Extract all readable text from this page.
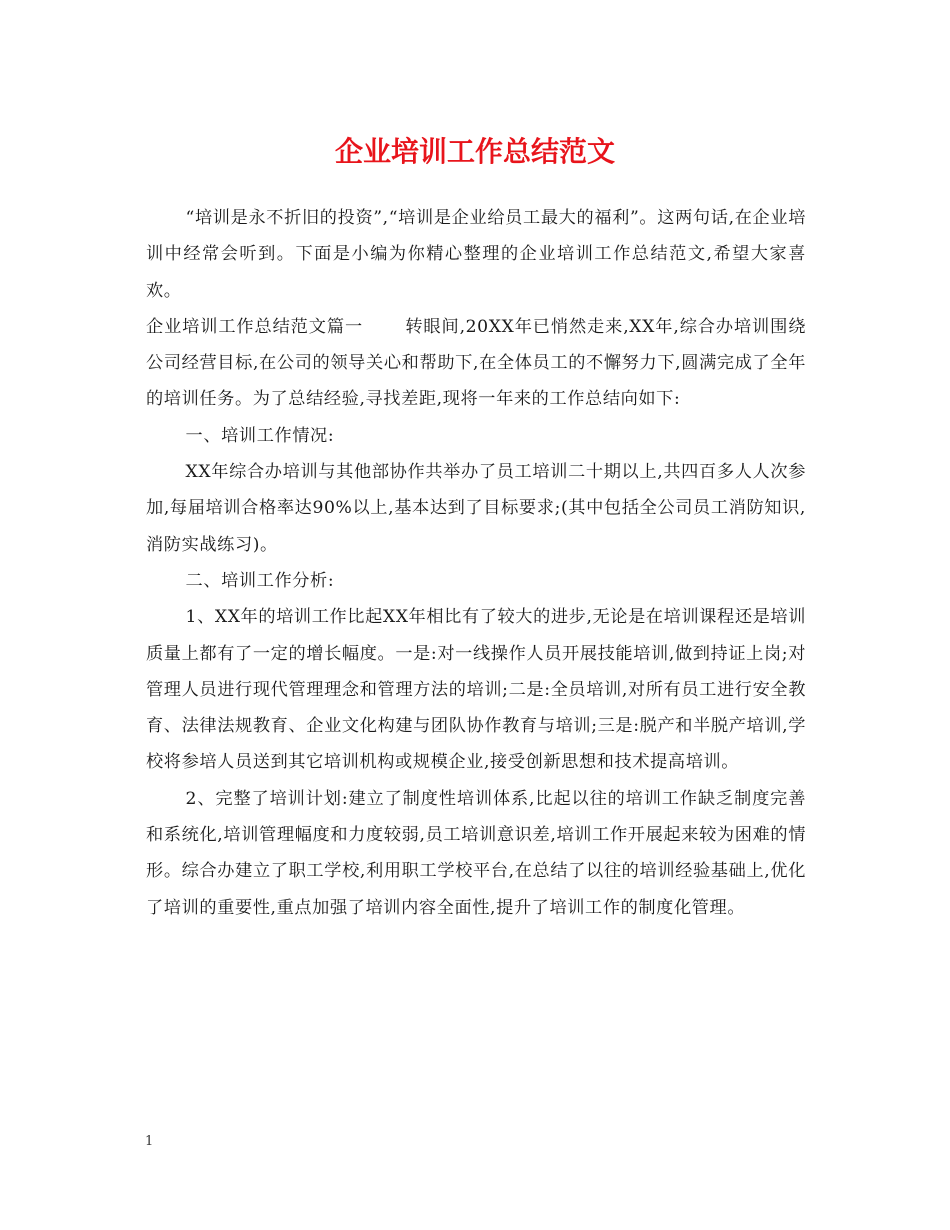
企业培训工作总结范文

“培训是永不折旧的投资”,“培训是企业给员工最大的福利”。这两句话,在企业培训中经常会听到。下面是小编为你精心整理的企业培训工作总结范文,希望大家喜欢。

企业培训工作总结范文篇一 转眼间,20XX年已悄然走来,XX年,综合办培训围绕公司经营目标,在公司的领导关心和帮助下,在全体员工的不懈努力下,圆满完成了全年的培训任务。为了总结经验,寻找差距,现将一年来的工作总结向如下:

一、培训工作情况:

XX年综合办培训与其他部协作共举办了员工培训二十期以上,共四百多人人次参加,每届培训合格率达90%以上,基本达到了目标要求;(其中包括全公司员工消防知识,消防实战练习)。

二、培训工作分析:

1、XX年的培训工作比起XX年相比有了较大的进步,无论是在培训课程还是培训质量上都有了一定的增长幅度。一是:对一线操作人员开展技能培训,做到持证上岗;对管理人员进行现代管理理念和管理方法的培训;二是:全员培训,对所有员工进行安全教育、法律法规教育、企业文化构建与团队协作教育与培训;三是:脱产和半脱产培训,学校将参培人员送到其它培训机构或规模企业,接受创新思想和技术提高培训。

2、完整了培训计划:建立了制度性培训体系,比起以往的培训工作缺乏制度完善和系统化,培训管理幅度和力度较弱,员工培训意识差,培训工作开展起来较为困难的情形。综合办建立了职工学校,利用职工学校平台,在总结了以往的培训经验基础上,优化了培训的重要性,重点加强了培训内容全面性,提升了培训工作的制度化管理。

1
